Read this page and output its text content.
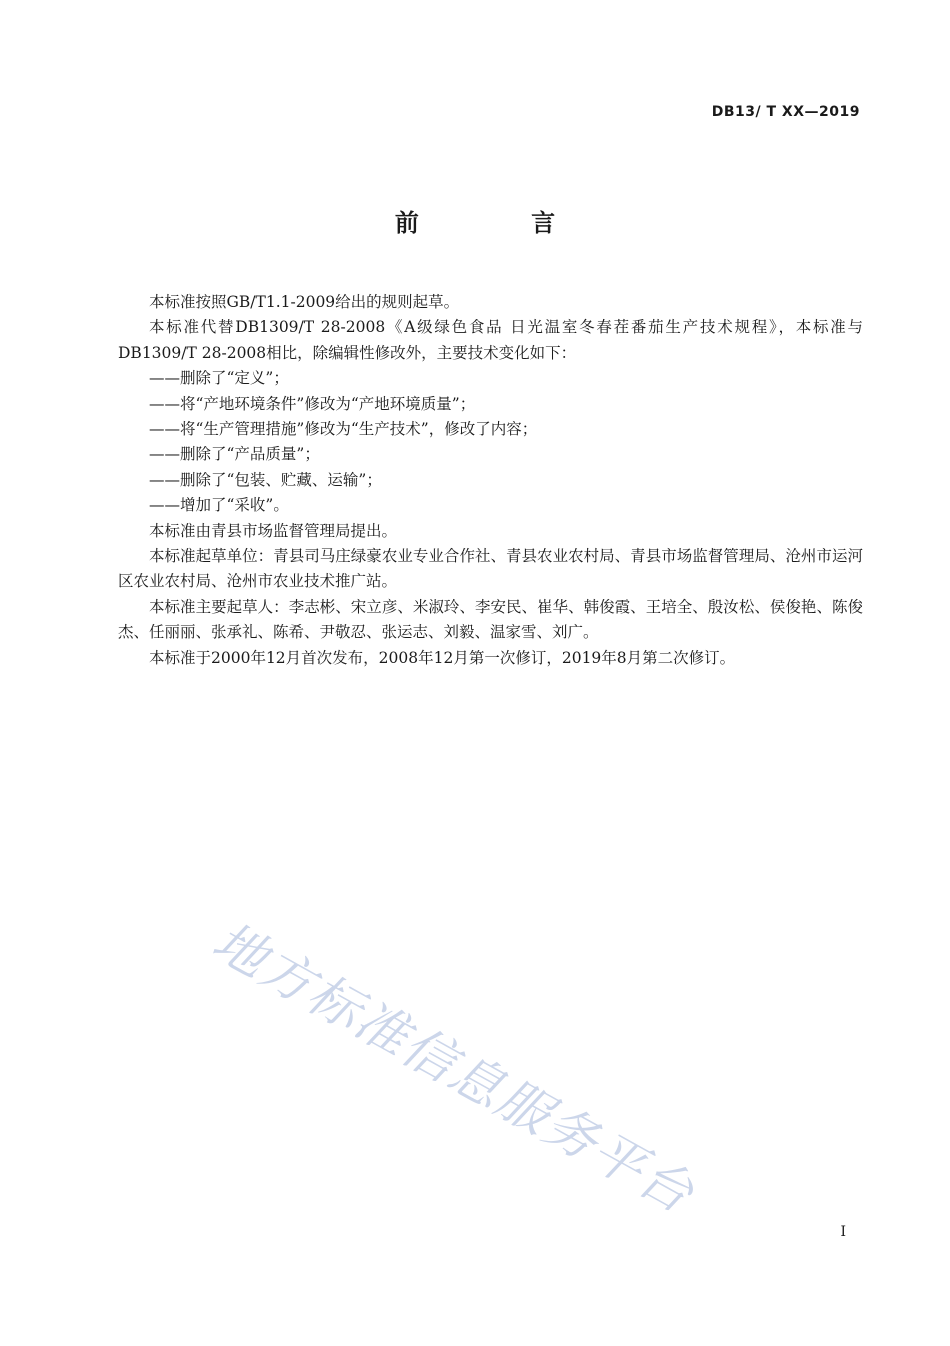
DB13/ T XX—2019
前 言

本标准按照GB/T1.1-2009给出的规则起草。

本标准代替DB1309/T 28-2008《A级绿色食品 日光温室冬春茬番茄生产技术规程》，本标准与DB1309/T 28-2008相比，除编辑性修改外，主要技术变化如下：

——删除了“定义”；

——将“产地环境条件”修改为“产地环境质量”；

——将“生产管理措施”修改为“生产技术”，修改了内容；

——删除了“产品质量”；

——删除了“包装、贮藏、运输”；

——增加了“采收”。

本标准由青县市场监督管理局提出。

本标准起草单位：青县司马庄绿豪农业专业合作社、青县农业农村局、青县市场监督管理局、沧州市运河区农业农村局、沧州市农业技术推广站。

本标准主要起草人：李志彬、宋立彦、米淑玲、李安民、崔华、韩俊霞、王培全、殷汝松、侯俊艳、陈俊杰、任丽丽、张承礼、陈希、尹敬忍、张运志、刘毅、温家雪、刘广。

本标准于2000年12月首次发布，2008年12月第一次修订，2019年8月第二次修订。

地方标准信息服务平台
I
